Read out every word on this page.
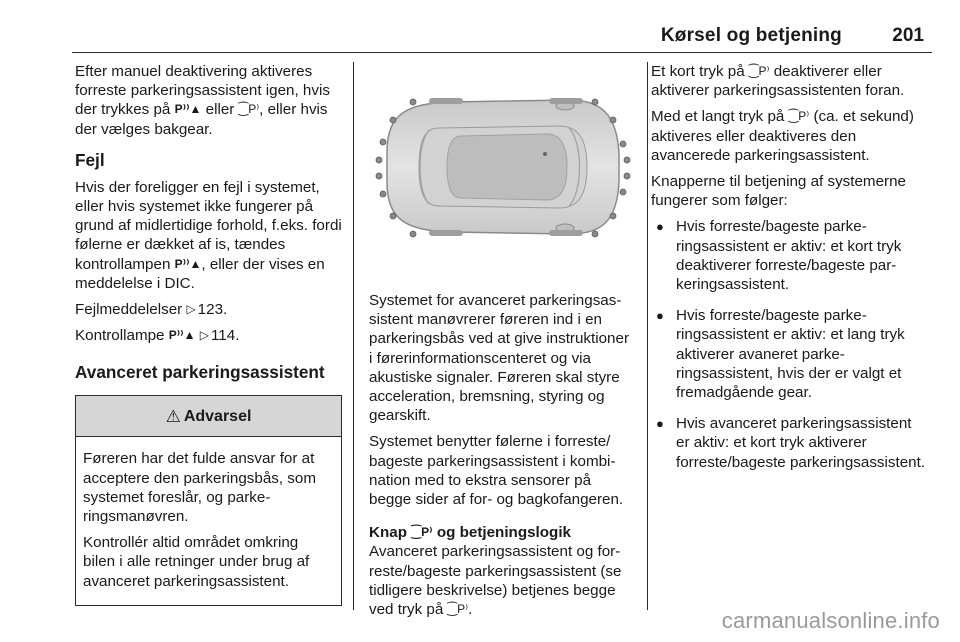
Kørsel og betjening	201

Efter manuel deaktivering aktiveres forreste parkeringsassistent igen, hvis der trykkes på P⁾⁾▲ eller ⁐P⁾, eller hvis der vælges bakgear.

Fejl

Hvis der foreligger en fejl i systemet, eller hvis systemet ikke fungerer på grund af midlertidige forhold, f.eks. fordi følerne er dækket af is, tændes kontrollampen P⁾⁾▲, eller der vises en meddelelse i DIC.

Fejlmeddelelser ▷ 123.

Kontrollampe P⁾⁾▲ ▷ 114.

Avanceret parkeringsassistent
⚠ Advarsel

Føreren har det fulde ansvar for at acceptere den parkeringsbås, som systemet foreslår, og parkeringsmanøvren.

Kontrollér altid området omkring bilen i alle retninger under brug af avanceret parkeringsassistent.

Systemet for avanceret parkeringsassistent manøvrerer føreren ind i en parkeringsbås ved at give instruktioner i førerinformationscenteret og via akustiske signaler. Føreren skal styre acceleration, bremsning, styring og gearskift.

Systemet benytter følerne i forreste/ bageste parkeringsassistent i kombination med to ekstra sensorer på begge sider af for- og bagkofangeren.

Knap ⁐P⁾ og betjeningslogik

Avanceret parkeringsassistent og forreste/bageste parkeringsassistent (se tidligere beskrivelse) betjenes begge ved tryk på ⁐P⁾.

Et kort tryk på ⁐P⁾ deaktiverer eller aktiverer parkeringsassistenten foran.

Med et langt tryk på ⁐P⁾ (ca. et sekund) aktiveres eller deaktiveres den avancerede parkeringsassistent.

Knapperne til betjening af systemerne fungerer som følger:

● Hvis forreste/bageste parkeringsassistent er aktiv: et kort tryk deaktiverer forreste/bageste parkeringsassistent.
● Hvis forreste/bageste parkeringsassistent er aktiv: et lang tryk aktiverer avaneret parkeringsassistent, hvis der er valgt et fremadgående gear.
● Hvis avanceret parkeringsassistent er aktiv: et kort tryk aktiverer forreste/bageste parkeringsassistent.
carmanualsonline.info
